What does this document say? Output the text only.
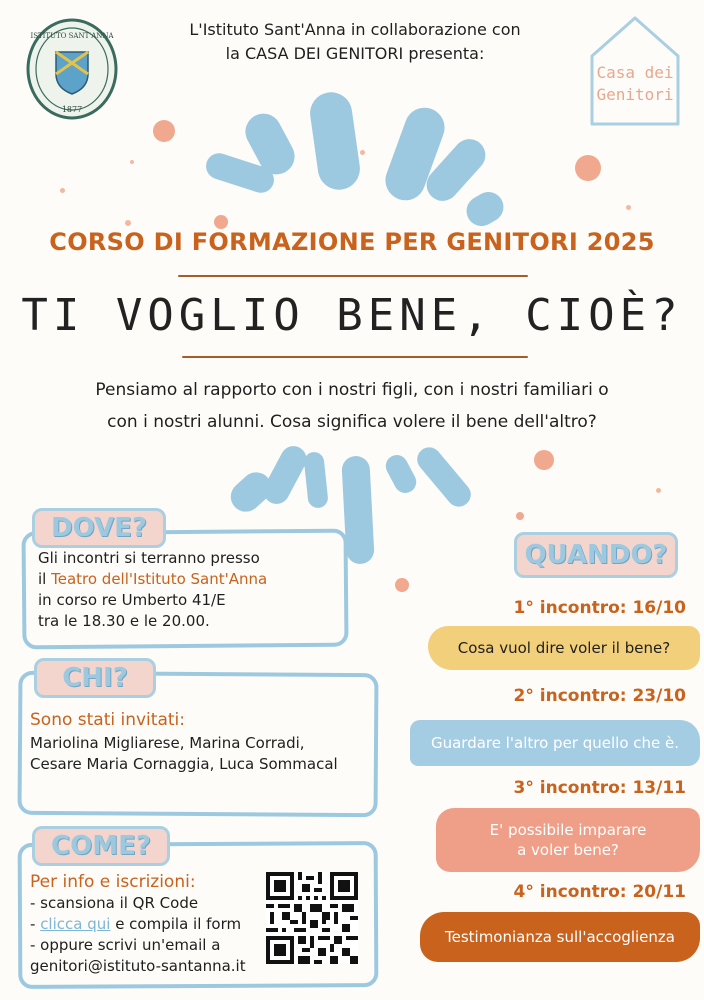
ISTITUTO SANT'ANNA
1877
L'Istituto Sant'Anna in collaborazione con
la CASA DEI GENITORI presenta:
Casa dei
Genitori
CORSO DI FORMAZIONE PER GENITORI 2025
TI VOGLIO BENE, CIOÈ?
Pensiamo al rapporto con i nostri figli, con i nostri familiari o
con i nostri alunni. Cosa significa volere il bene dell'altro?
DOVE?
Gli incontri si terranno presso
il Teatro dell'Istituto Sant'Anna
in corso re Umberto 41/E
tra le 18.30 e le 20.00.
CHI?
Sono stati invitati:
Mariolina Migliarese, Marina Corradi,
Cesare Maria Cornaggia, Luca Sommacal
COME?
Per info e iscrizioni:
- scansiona il QR Code
- clicca qui e compila il form
- oppure scrivi un'email a
genitori@istituto-santanna.it
QUANDO?
1° incontro: 16/10
Cosa vuol dire voler il bene?
2° incontro: 23/10
Guardare l'altro per quello che è.
3° incontro: 13/11
E' possibile imparare
a voler bene?
4° incontro: 20/11
Testimonianza sull'accoglienza
